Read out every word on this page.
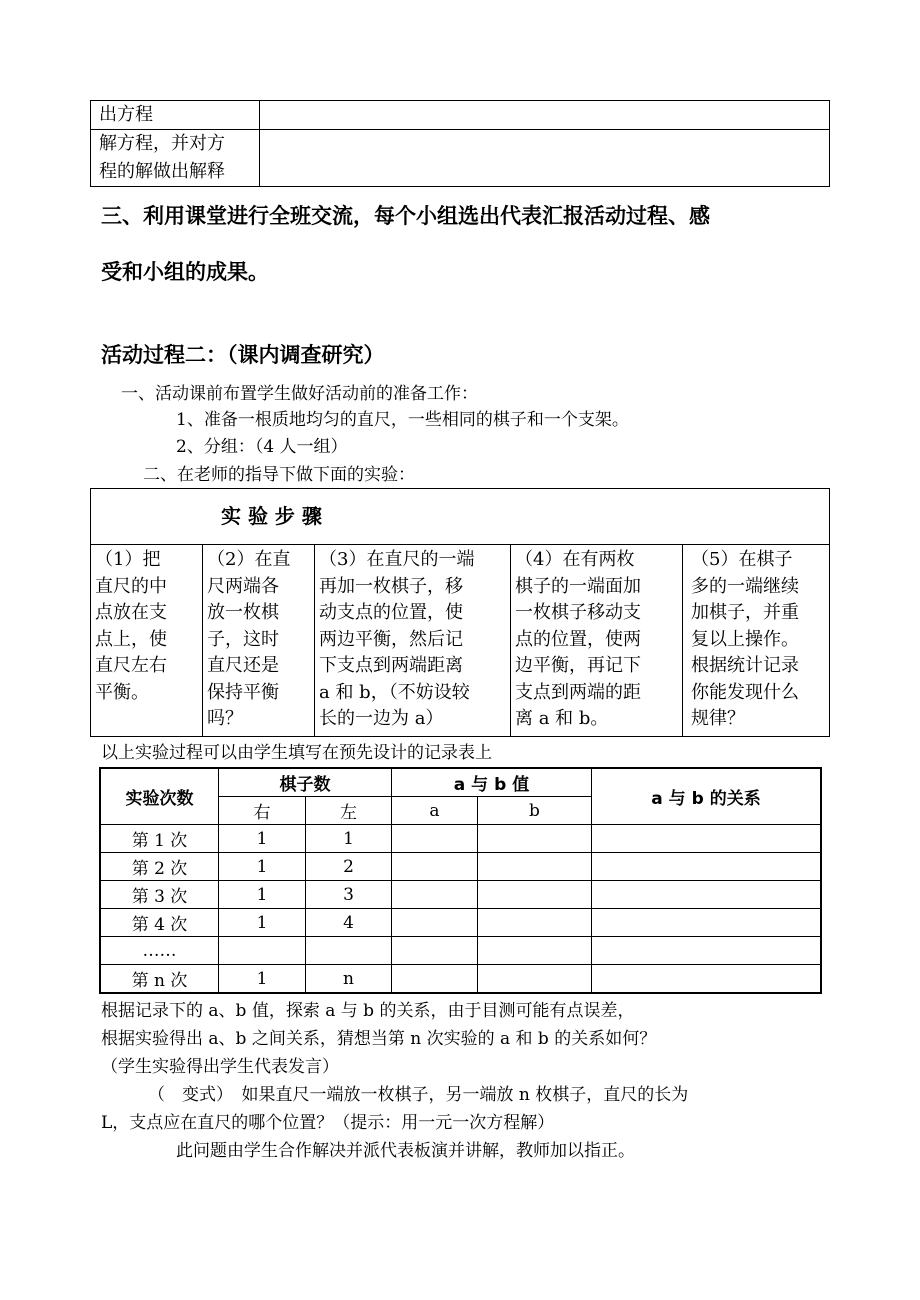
出方程	

解方程，并对方
程的解做出解释	

三、利用课堂进行全班交流，每个小组选出代表汇报活动过程、感
受和小组的成果。
活动过程二：（课内调查研究）
一、活动课前布置学生做好活动前的准备工作：
1、准备一根质地均匀的直尺，一些相同的棋子和一个支架。
2、分组：（4 人一组）
二、在老师的指导下做下面的实验：
实 验 步 骤

（1）把
直尺的中
点放在支
点上，使
直尺左右
平衡。

（2）在直
尺两端各
放一枚棋
子，这时
直尺还是
保持平衡
吗？

（3）在直尺的一端
再加一枚棋子，移
动支点的位置，使
两边平衡，然后记
下支点到两端距离
a 和 b，（不妨设较
长的一边为 a）

（4）在有两枚
棋子的一端面加
一枚棋子移动支
点的位置，使两
边平衡，再记下
支点到两端的距
离 a 和 b。

（5）在棋子
多的一端继续
加棋子，并重
复以上操作。
根据统计记录
你能发现什么
规律？
以上实验过程可以由学生填写在预先设计的记录表上
实验次数	棋子数		a 与 b 值		a 与 b 的关系
	右	左	a	b	
第 1 次	1	1			
第 2 次	1	2			
第 3 次	1	3			
第 4 次	1	4			
……					
第 n 次	1	n			
根据记录下的 a、b 值，探索 a 与 b 的关系，由于目测可能有点误差，
根据实验得出 a、b 之间关系，猜想当第 n 次实验的 a 和 b 的关系如何？
（学生实验得出学生代表发言）
（　变式）　如果直尺一端放一枚棋子，另一端放 n 枚棋子，直尺的长为
L，支点应在直尺的哪个位置？（提示：用一元一次方程解）
此问题由学生合作解决并派代表板演并讲解，教师加以指正。
